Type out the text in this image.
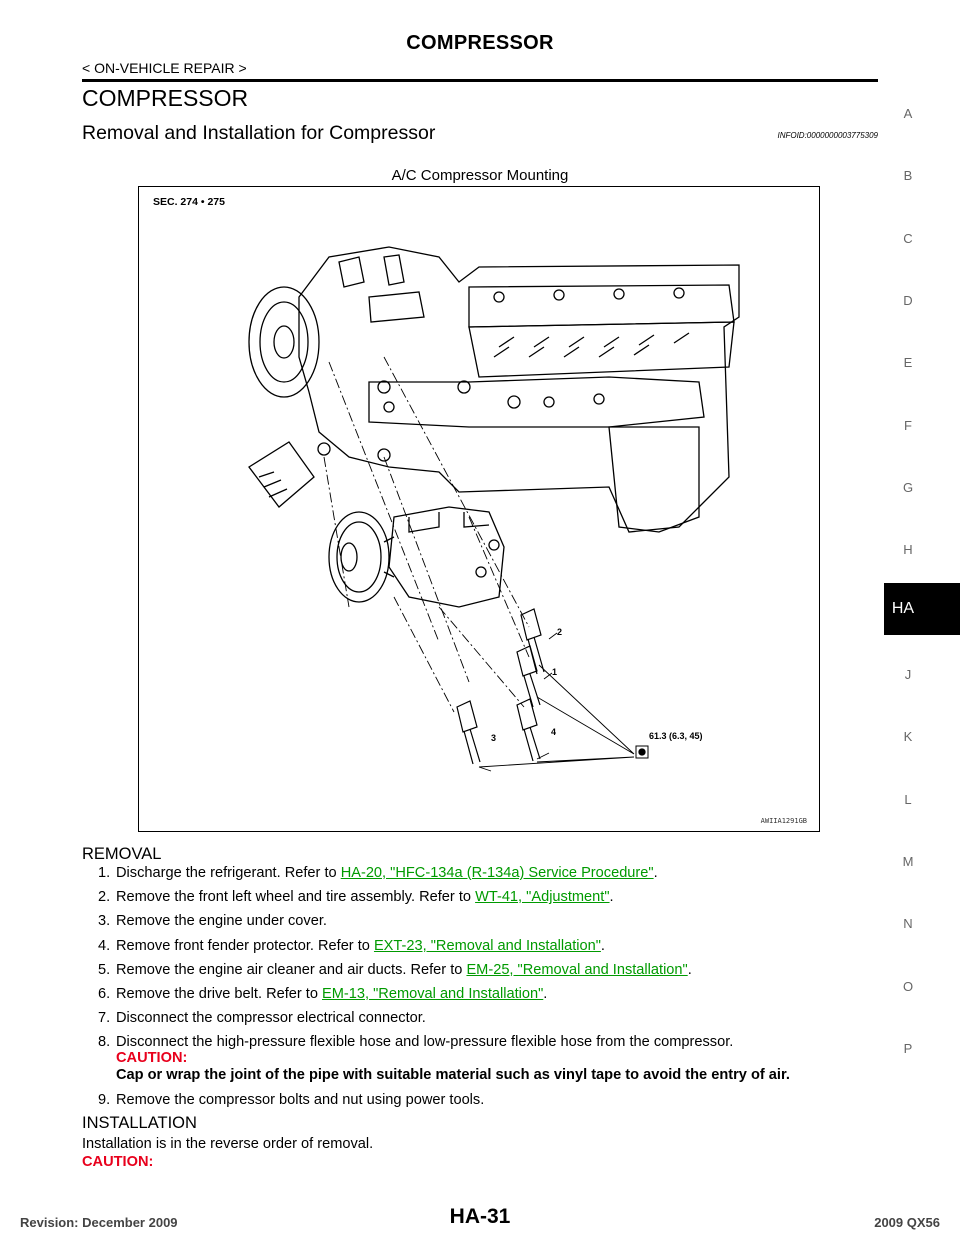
COMPRESSOR
< ON-VEHICLE REPAIR >
COMPRESSOR
Removal and Installation for Compressor	INFOID:0000000003775309
A/C Compressor Mounting
SEC. 274 • 275
2
1
3
4	61.3 (6.3, 45)
AWIIA1291GB
A
B
C
D
E
F
G
H
HA
J
K
L
M
N
O
P
REMOVAL
1. Discharge the refrigerant. Refer to HA-20, "HFC-134a (R-134a) Service Procedure".
2. Remove the front left wheel and tire assembly. Refer to WT-41, "Adjustment".
3. Remove the engine under cover.
4. Remove front fender protector. Refer to EXT-23, "Removal and Installation".
5. Remove the engine air cleaner and air ducts. Refer to EM-25, "Removal and Installation".
6. Remove the drive belt. Refer to EM-13, "Removal and Installation".
7. Disconnect the compressor electrical connector.
8. Disconnect the high-pressure flexible hose and low-pressure flexible hose from the compressor.
CAUTION:
Cap or wrap the joint of the pipe with suitable material such as vinyl tape to avoid the entry of air.
9. Remove the compressor bolts and nut using power tools.
INSTALLATION
Installation is in the reverse order of removal.
CAUTION:
Revision: December 2009	HA-31	2009 QX56
